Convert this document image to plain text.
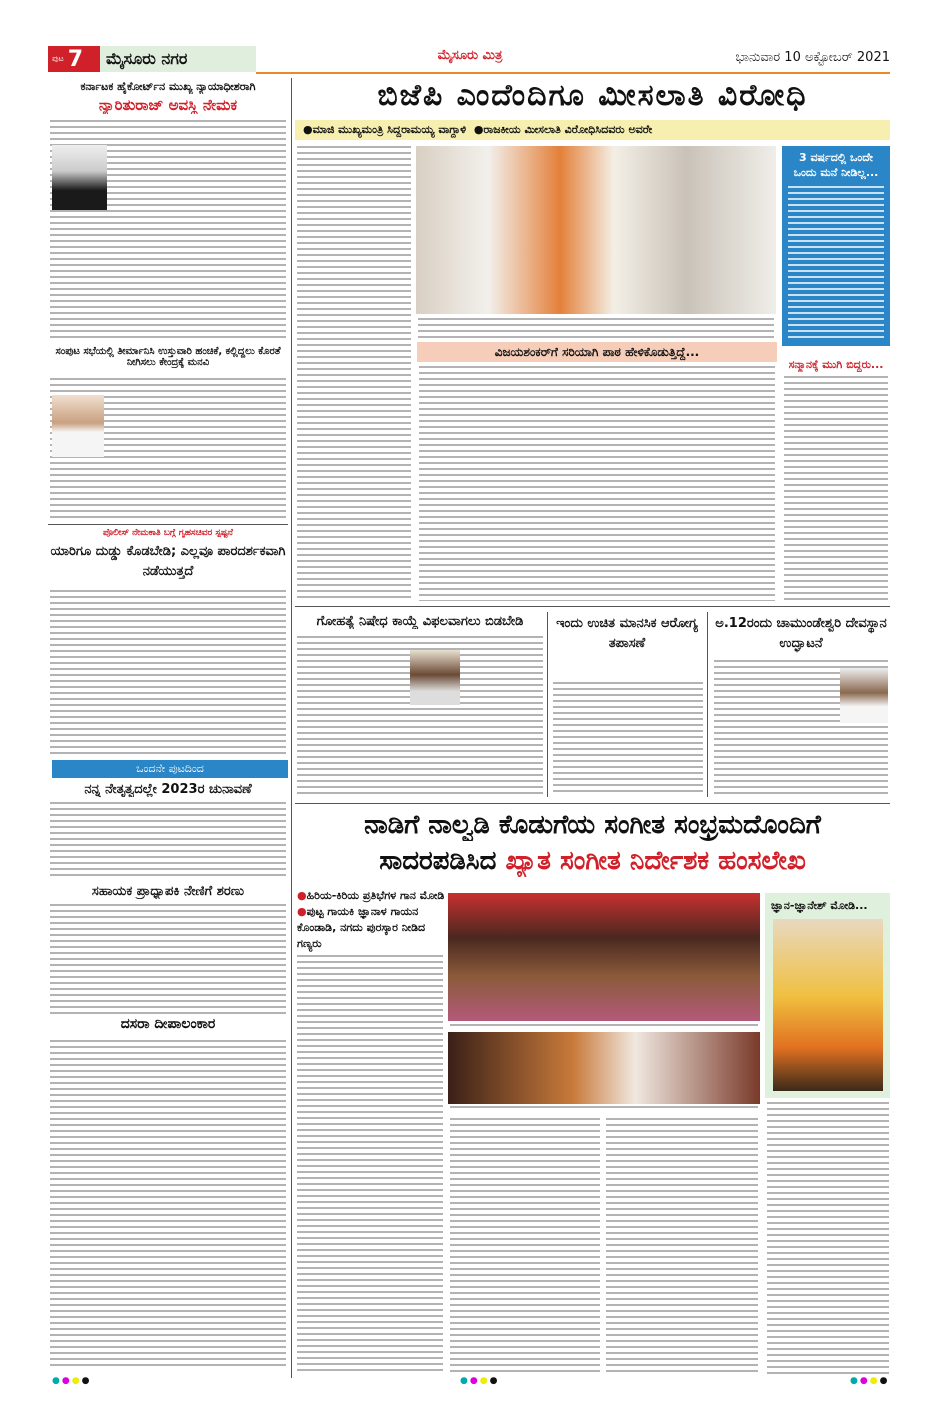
ಪುಟ 7	ಮೈಸೂರು ನಗರ	ಮೈಸೂರು ಮಿತ್ರ	ಭಾನುವಾರ 10 ಅಕ್ಟೋಬರ್ 2021
ಕರ್ನಾಟಕ ಹೈಕೋರ್ಟ್‌ನ ಮುಖ್ಯ ನ್ಯಾಯಾಧೀಶರಾಗಿ
ನ್ಯಾರಿತುರಾಜ್ ಅವಸ್ಥಿ ನೇಮಕ
ಸಂಪುಟ ಸಭೆಯಲ್ಲಿ ತೀರ್ಮಾನಿಸಿ ಉಸ್ತುವಾರಿ ಹಂಚಿಕೆ, ಕಲ್ಲಿದ್ದಲು ಕೊರತೆ ನೀಗಿಸಲು ಕೇಂದ್ರಕ್ಕೆ ಮನವಿ
ಪೊಲೀಸ್ ನೇಮಕಾತಿ ಬಗ್ಗೆ ಗೃಹಸಚಿವರ ಸ್ಪಷ್ಟನೆ
ಯಾರಿಗೂ ದುಡ್ಡು ಕೊಡಬೇಡಿ; ಎಲ್ಲವೂ ಪಾರದರ್ಶಕವಾಗಿ ನಡೆಯುತ್ತದೆ
ಒಂದನೇ ಪುಟದಿಂದ
ನನ್ನ ನೇತೃತ್ವದಲ್ಲೇ 2023ರ ಚುನಾವಣೆ
ಸಹಾಯಕ ಪ್ರಾಧ್ಯಾಪಕಿ ನೇಣಿಗೆ ಶರಣು
ದಸರಾ ದೀಪಾಲಂಕಾರ
ಬಿಜೆಪಿ ಎಂದೆಂದಿಗೂ ಮೀಸಲಾತಿ ವಿರೋಧಿ
●ಮಾಜಿ ಮುಖ್ಯಮಂತ್ರಿ ಸಿದ್ದರಾಮಯ್ಯ ವಾಗ್ದಾಳಿ ●ರಾಜಕೀಯ ಮೀಸಲಾತಿ ವಿರೋಧಿಸಿದವರು ಅವರೇ
ವಿಜಯಶಂಕರ್‌ಗೆ ಸರಿಯಾಗಿ ಪಾಠ ಹೇಳಿಕೊಡುತ್ತಿದ್ದೆ...
3 ವರ್ಷದಲ್ಲಿ ಒಂದೇ ಒಂದು ಮನೆ ನೀಡಿಲ್ಲ...
ಸನ್ಮಾನಕ್ಕೆ ಮುಗಿ ಬಿದ್ದರು...
ಗೋಹತ್ಯೆ ನಿಷೇಧ ಕಾಯ್ದೆ ವಿಫಲವಾಗಲು ಬಿಡಬೇಡಿ	ಇಂದು ಉಚಿತ ಮಾನಸಿಕ ಆರೋಗ್ಯ ತಪಾಸಣೆ
ಅ.12ರಂದು ಚಾಮುಂಡೇಶ್ವರಿ ದೇವಸ್ಥಾನ ಉದ್ಘಾಟನೆ
ನಾಡಿಗೆ ನಾಲ್ವಡಿ ಕೊಡುಗೆಯ ಸಂಗೀತ ಸಂಭ್ರಮದೊಂದಿಗೆ
ಸಾದರಪಡಿಸಿದ ಖ್ಯಾತ ಸಂಗೀತ ನಿರ್ದೇಶಕ ಹಂಸಲೇಖ
●ಹಿರಿಯ-ಕಿರಿಯ ಪ್ರತಿಭೆಗಳ ಗಾನ ಮೋಡಿ ●ಪುಟ್ಟ ಗಾಯಕಿ ಜ್ಞಾನಾಳ ಗಾಯನ ಕೊಂಡಾಡಿ, ನಗದು ಪುರಸ್ಕಾರ ನೀಡಿದ ಗಣ್ಯರು
ಜ್ಞಾನ-ಜ್ಞಾನೇಶ್ ಮೋಡಿ...
●●●●	●●●●	●●●●
